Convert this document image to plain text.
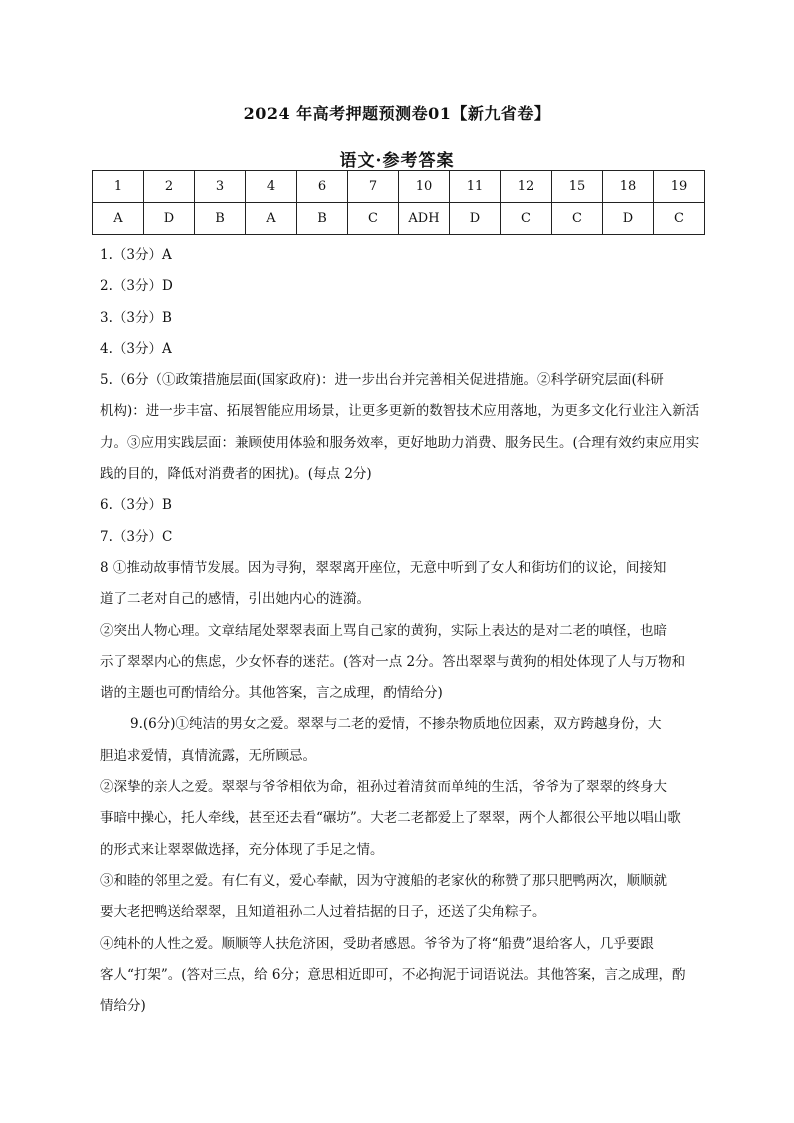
2024 年高考押题预测卷01【新九省卷】
语文·参考答案
1	2	3	4	6	7	10	11	12	15	18	19
A	D	B	A	B	C	ADH	D	C	C	D	C
1.（3分）A
2.（3分）D
3.（3分）B
4.（3分）A
5.（6分（①政策措施层面(国家政府)：进一步出台并完善相关促进措施。②科学研究层面(科研
机构)：进一步丰富、拓展智能应用场景，让更多更新的数智技术应用落地，为更多文化行业注入新活
力。③应用实践层面：兼顾使用体验和服务效率，更好地助力消费、服务民生。(合理有效约束应用实
践的目的，降低对消费者的困扰)。(每点 2分)
6.（3分）B
7.（3分）C
8 ①推动故事情节发展。因为寻狗，翠翠离开座位，无意中听到了女人和街坊们的议论，间接知
道了二老对自己的感情，引出她内心的涟漪。
②突出人物心理。文章结尾处翠翠表面上骂自己家的黄狗，实际上表达的是对二老的嗔怪，也暗
示了翠翠内心的焦虑，少女怀春的迷茫。(答对一点 2分。答出翠翠与黄狗的相处体现了人与万物和
谐的主题也可酌情给分。其他答案，言之成理，酌情给分)
9.(6分)①纯洁的男女之爱。翠翠与二老的爱情，不掺杂物质地位因素，双方跨越身份，大
胆追求爱情，真情流露，无所顾忌。
②深挚的亲人之爱。翠翠与爷爷相依为命，祖孙过着清贫而单纯的生活，爷爷为了翠翠的终身大
事暗中操心，托人牵线，甚至还去看“碾坊”。大老二老都爱上了翠翠，两个人都很公平地以唱山歌
的形式来让翠翠做选择，充分体现了手足之情。
③和睦的邻里之爱。有仁有义，爱心奉献，因为守渡船的老家伙的称赞了那只肥鸭两次，顺顺就
要大老把鸭送给翠翠，且知道祖孙二人过着拮据的日子，还送了尖角粽子。
④纯朴的人性之爱。顺顺等人扶危济困，受助者感恩。爷爷为了将“船费”退给客人，几乎要跟
客人“打架”。(答对三点，给 6分；意思相近即可，不必拘泥于词语说法。其他答案，言之成理，酌
情给分)
